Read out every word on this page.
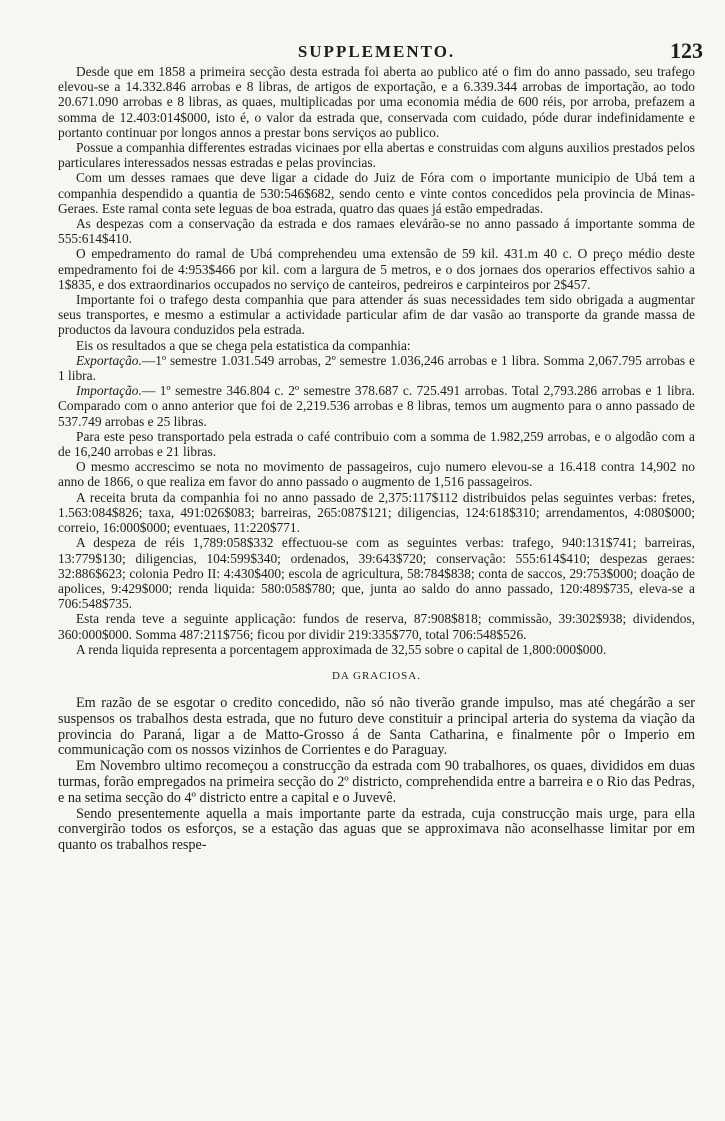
SUPPLEMENTO.	123

Desde que em 1858 a primeira secção desta estrada foi aberta ao publico até o fim do anno passado, seu trafego elevou-se a 14.332.846 arrobas e 8 libras, de artigos de exportação, e a 6.339.344 arrobas de importação, ao todo 20.671.090 arrobas e 8 libras, as quaes, multiplicadas por uma economia média de 600 réis, por arroba, prefazem a somma de 12.403:014$000, isto é, o valor da estrada que, conservada com cuidado, póde durar indefinidamente e portanto continuar por longos annos a prestar bons serviços ao publico.

Possue a companhia differentes estradas vicinaes por ella abertas e construidas com alguns auxilios prestados pelos particulares interessados nessas estradas e pelas provincias.

Com um desses ramaes que deve ligar a cidade do Juiz de Fóra com o importante municipio de Ubá tem a companhia despendido a quantia de 530:546$682, sendo cento e vinte contos concedidos pela provincia de Minas-Geraes. Este ramal conta sete leguas de boa estrada, quatro das quaes já estão empedradas.

As despezas com a conservação da estrada e dos ramaes elevárão-se no anno passado á importante somma de 555:614$410.

O empedramento do ramal de Ubá comprehendeu uma extensão de 59 kil. 431.m 40 c. O preço médio deste empedramento foi de 4:953$466 por kil. com a largura de 5 metros, e o dos jornaes dos operarios effectivos sahio a 1$835, e dos extraordinarios occupados no serviço de canteiros, pedreiros e carpinteiros por 2$457.

Importante foi o trafego desta companhia que para attender ás suas necessidades tem sido obrigada a augmentar seus transportes, e mesmo a estimular a actividade particular afim de dar vasão ao transporte da grande massa de productos da lavoura conduzidos pela estrada.

Eis os resultados a que se chega pela estatistica da companhia:

Exportação.—1º semestre 1.031.549 arrobas, 2º semestre 1.036,246 arrobas e 1 libra. Somma 2,067.795 arrobas e 1 libra.

Importação.— 1º semestre 346.804 c. 2º semestre 378.687 c. 725.491 arrobas. Total 2,793.286 arrobas e 1 libra. Comparado com o anno anterior que foi de 2,219.536 arrobas e 8 libras, temos um augmento para o anno passado de 537.749 arrobas e 25 libras.

Para este peso transportado pela estrada o café contribuio com a somma de 1.982,259 arrobas, e o algodão com a de 16,240 arrobas e 21 libras.

O mesmo accrescimo se nota no movimento de passageiros, cujo numero elevou-se a 16.418 contra 14,902 no anno de 1866, o que realiza em favor do anno passado o augmento de 1,516 passageiros.

A receita bruta da companhia foi no anno passado de 2,375:117$112 distribuidos pelas seguintes verbas: fretes, 1.563:084$826; taxa, 491:026$083; barreiras, 265:087$121; diligencias, 124:618$310; arrendamentos, 4:080$000; correio, 16:000$000; eventuaes, 11:220$771.

A despeza de réis 1,789:058$332 effectuou-se com as seguintes verbas: trafego, 940:131$741; barreiras, 13:779$130; diligencias, 104:599$340; ordenados, 39:643$720; conservação: 555:614$410; despezas geraes: 32:886$623; colonia Pedro II: 4:430$400; escola de agricultura, 58:784$838; conta de saccos, 29:753$000; doação de apolices, 9:429$000; renda liquida: 580:058$780; que, junta ao saldo do anno passado, 120:489$735, eleva-se a 706:548$735.

Esta renda teve a seguinte applicação: fundos de reserva, 87:908$818; commissão, 39:302$938; dividendos, 360:000$000. Somma 487:211$756; ficou por dividir 219:335$770, total 706:548$526.

A renda liquida representa a porcentagem approximada de 32,55 sobre o capital de 1,800:000$000.

DA GRACIOSA.

Em razão de se esgotar o credito concedido, não só não tiverão grande impulso, mas até chegárão a ser suspensos os trabalhos desta estrada, que no futuro deve constituir a principal arteria do systema da viação da provincia do Paraná, ligar a de Matto-Grosso á de Santa Catharina, e finalmente pôr o Imperio em communicação com os nossos vizinhos de Corrientes e do Paraguay.

Em Novembro ultimo recomeçou a construcção da estrada com 90 trabalhores, os quaes, divididos em duas turmas, forão empregados na primeira secção do 2º districto, comprehendida entre a barreira e o Rio das Pedras, e na setima secção do 4º districto entre a capital e o Juvevê.

Sendo presentemente aquella a mais importante parte da estrada, cuja construcção mais urge, para ella convergirão todos os esforços, se a estação das aguas que se approximava não aconselhasse limitar por em quanto os trabalhos respe-
